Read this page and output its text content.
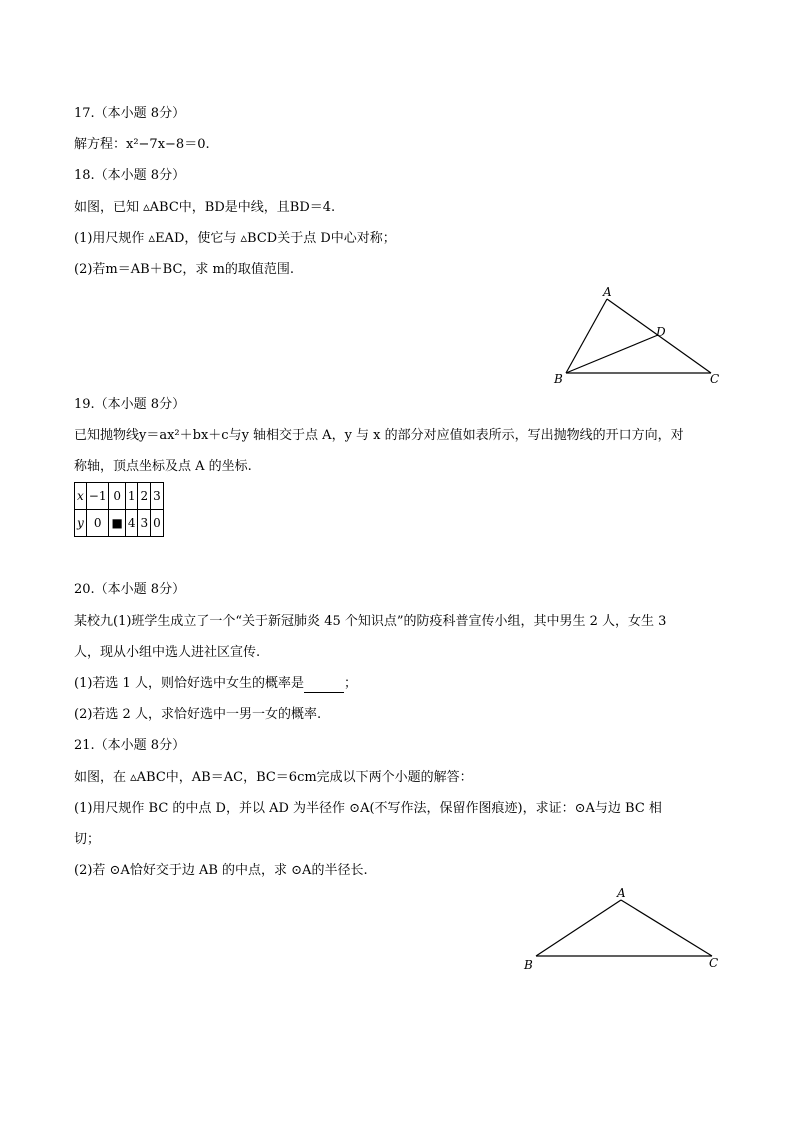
17.（本小题 8分）
解方程：x²−7x−8＝0.
18.（本小题 8分）
如图，已知 ▵ABC中，BD是中线，且BD＝4.
(1)用尺规作 ▵EAD，使它与 ▵BCD关于点 D中心对称；
(2)若m＝AB＋BC，求 m的取值范围.
A
B	C
D
19.（本小题 8分）
已知抛物线y＝ax²＋bx＋c与y 轴相交于点 A，y 与 x 的部分对应值如表所示，写出抛物线的开口方向，对
称轴，顶点坐标及点 A 的坐标.
x	−1	0	1	2	3
y	0	■	4	3	0
20.（本小题 8分）
某校九(1)班学生成立了一个“关于新冠肺炎 45 个知识点”的防疫科普宣传小组，其中男生 2 人，女生 3
人，现从小组中选人进社区宣传.
(1)若选 1 人，则恰好选中女生的概率是	；
(2)若选 2 人，求恰好选中一男一女的概率.
21.（本小题 8分）
如图，在 ▵ABC中，AB＝AC，BC＝6cm完成以下两个小题的解答：
(1)用尺规作 BC 的中点 D，并以 AD 为半径作 ⊙A(不写作法，保留作图痕迹)，求证：⊙A与边 BC 相
切；
(2)若 ⊙A恰好交于边 AB 的中点，求 ⊙A的半径长.
A
B	C
